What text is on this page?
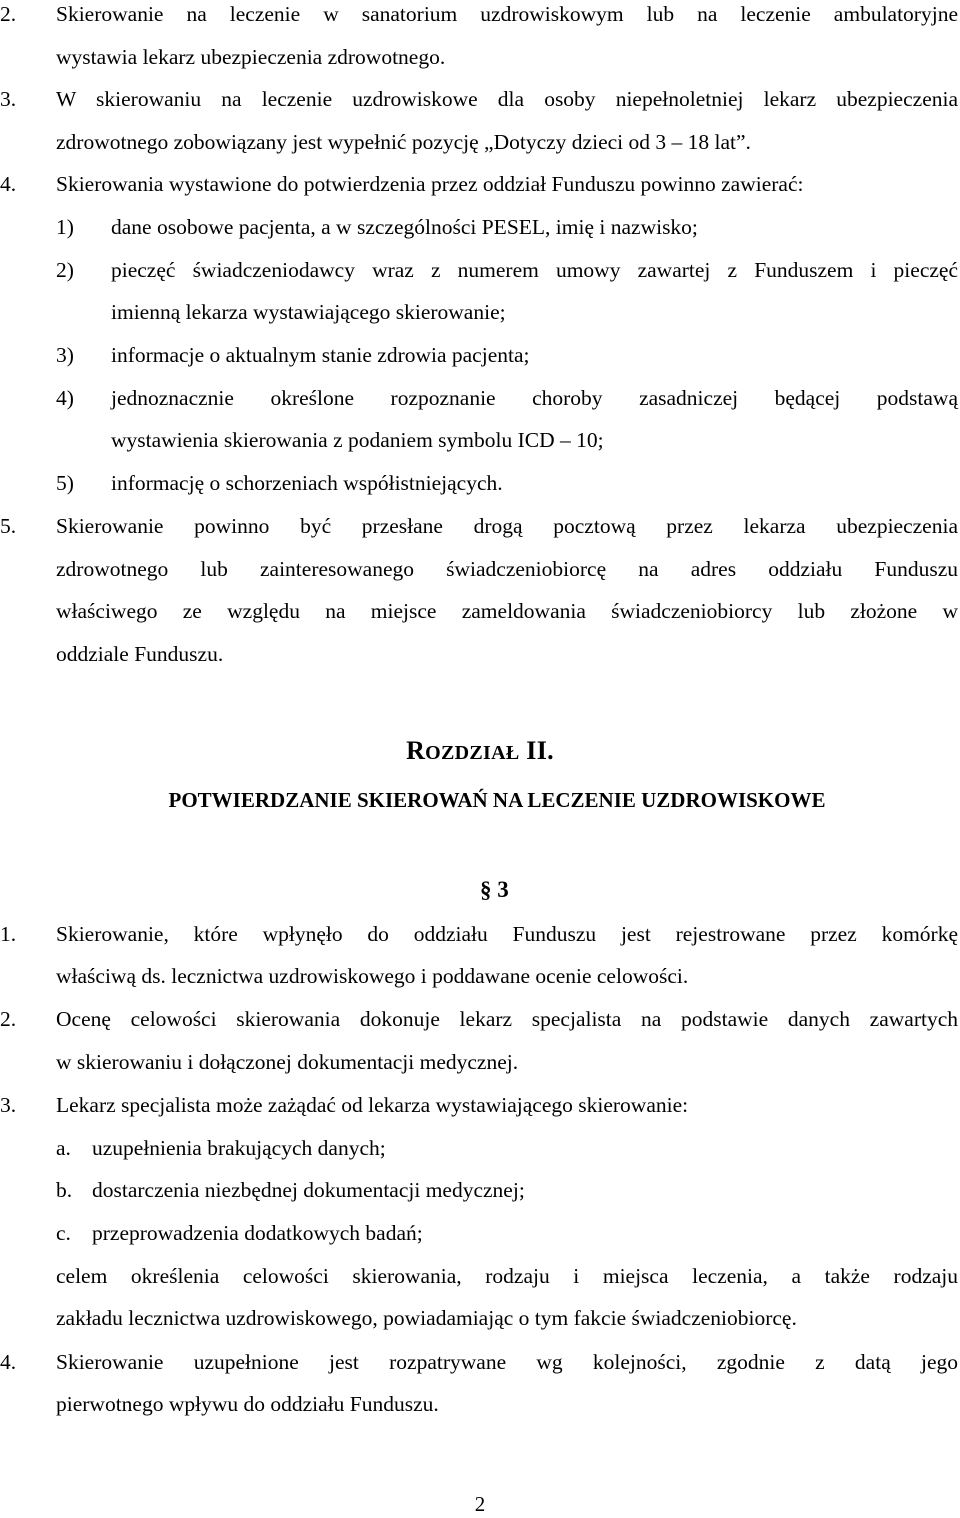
2. Skierowanie na leczenie w sanatorium uzdrowiskowym lub na leczenie ambulatoryjne
wystawia lekarz ubezpieczenia zdrowotnego.
3. W skierowaniu na leczenie uzdrowiskowe dla osoby niepełnoletniej lekarz ubezpieczenia
zdrowotnego zobowiązany jest wypełnić pozycję „Dotyczy dzieci od 3 – 18 lat”.
4. Skierowania wystawione do potwierdzenia przez oddział Funduszu powinno zawierać:
1) dane osobowe pacjenta, a w szczególności PESEL, imię i nazwisko;
2) pieczęć świadczeniodawcy wraz z numerem umowy zawartej z Funduszem i pieczęć
imienną lekarza wystawiającego skierowanie;
3) informacje o aktualnym stanie zdrowia pacjenta;
4) jednoznacznie określone rozpoznanie choroby zasadniczej będącej podstawą
wystawienia skierowania z podaniem symbolu ICD – 10;
5) informację o schorzeniach współistniejących.
5. Skierowanie powinno być przesłane drogą pocztową przez lekarza ubezpieczenia
zdrowotnego lub zainteresowanego świadczeniobiorcę na adres oddziału Funduszu
właściwego ze względu na miejsce zameldowania świadczeniobiorcy lub złożone w
oddziale Funduszu.
ROZDZIAŁ II.
POTWIERDZANIE SKIEROWAŃ NA LECZENIE UZDROWISKOWE
§ 3
1. Skierowanie, które wpłynęło do oddziału Funduszu jest rejestrowane przez komórkę
właściwą ds. lecznictwa uzdrowiskowego i poddawane ocenie celowości.
2. Ocenę celowości skierowania dokonuje lekarz specjalista na podstawie danych zawartych
w skierowaniu i dołączonej dokumentacji medycznej.
3. Lekarz specjalista może zażądać od lekarza wystawiającego skierowanie:
a. uzupełnienia brakujących danych;
b. dostarczenia niezbędnej dokumentacji medycznej;
c. przeprowadzenia dodatkowych badań;
celem określenia celowości skierowania, rodzaju i miejsca leczenia, a także rodzaju
zakładu lecznictwa uzdrowiskowego, powiadamiając o tym fakcie świadczeniobiorcę.
4. Skierowanie uzupełnione jest rozpatrywane wg kolejności, zgodnie z datą jego
pierwotnego wpływu do oddziału Funduszu.
2
